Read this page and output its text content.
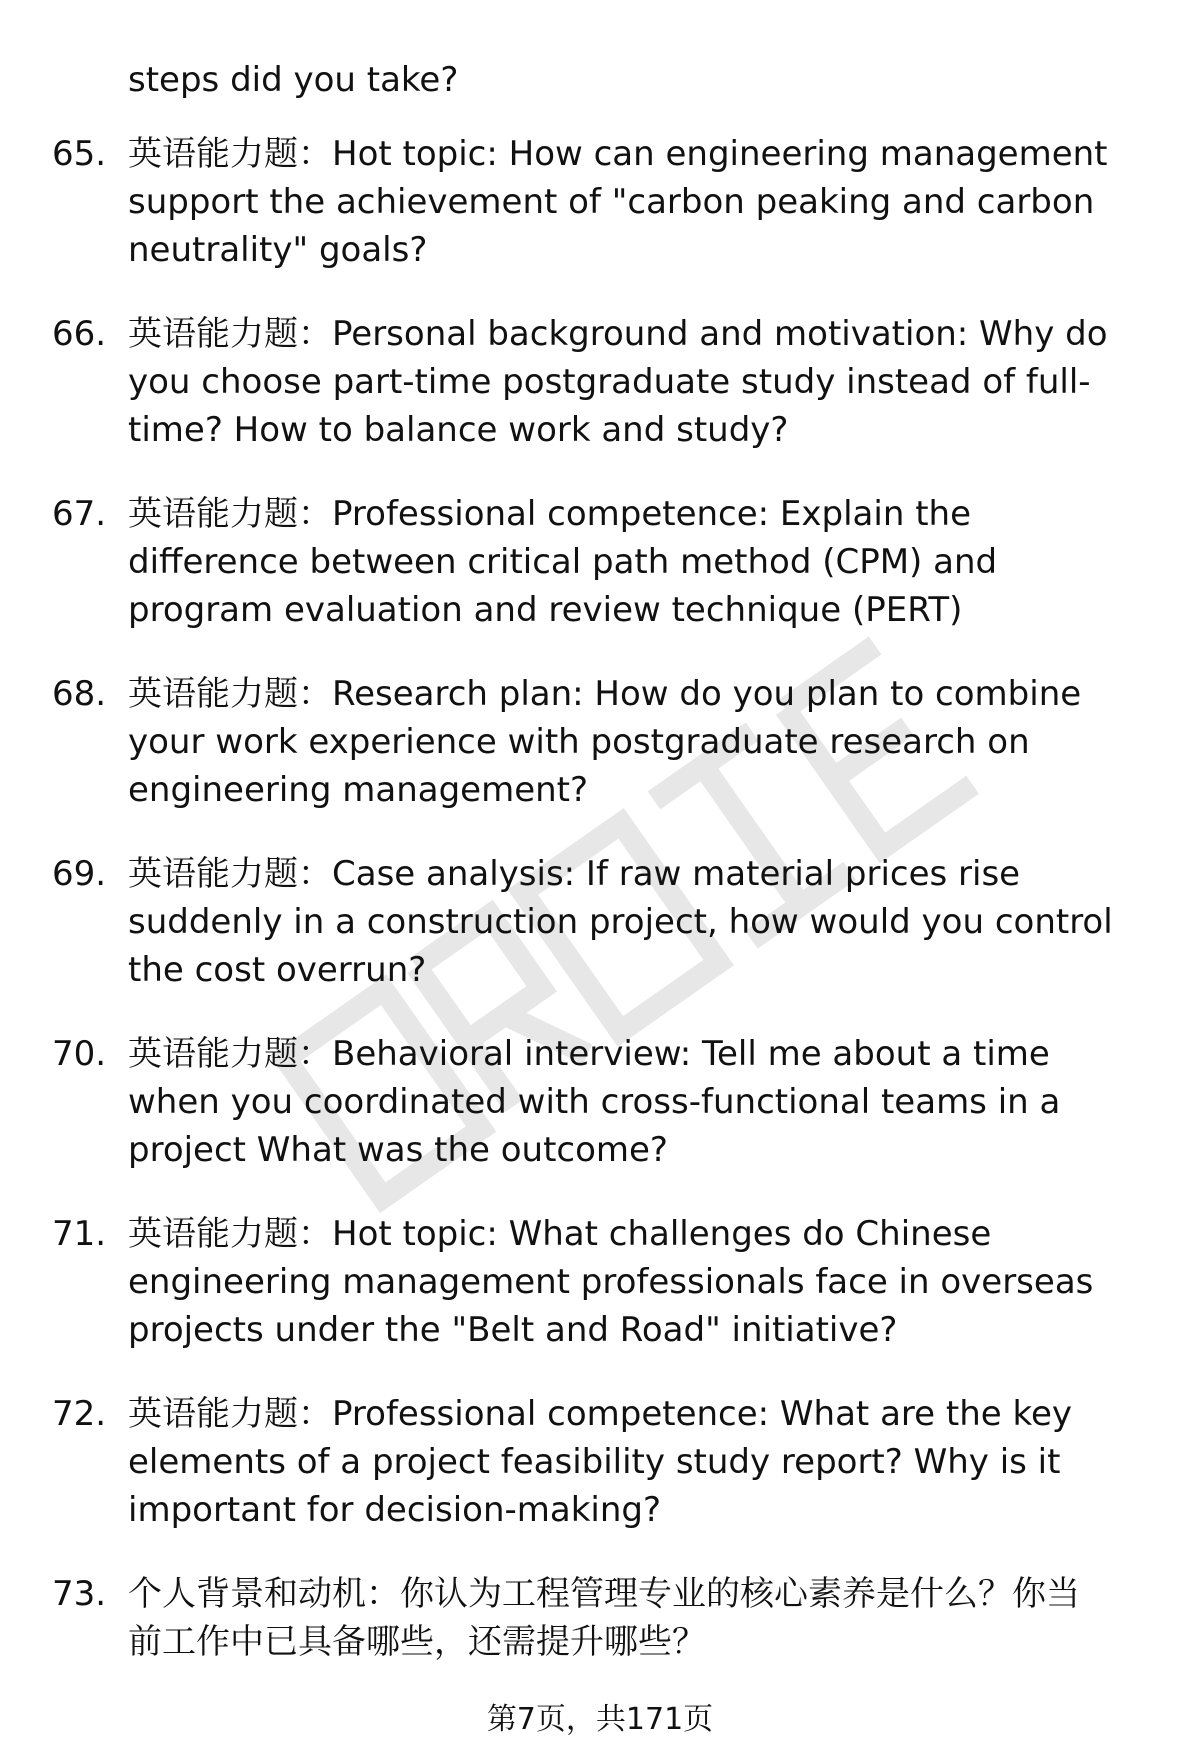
steps did you take?
65. 英语能力题：Hot topic: How can engineering management
support the achievement of "carbon peaking and carbon
neutrality" goals?
66. 英语能力题：Personal background and motivation: Why do
you choose part-time postgraduate study instead of full-
time? How to balance work and study?
67. 英语能力题：Professional competence: Explain the
difference between critical path method (CPM) and
program evaluation and review technique (PERT)
68. 英语能力题：Research plan: How do you plan to combine
your work experience with postgraduate research on
engineering management?
69. 英语能力题：Case analysis: If raw material prices rise
suddenly in a construction project, how would you control
the cost overrun?
70. 英语能力题：Behavioral interview: Tell me about a time
when you coordinated with cross-functional teams in a
project What was the outcome?
71. 英语能力题：Hot topic: What challenges do Chinese
engineering management professionals face in overseas
projects under the "Belt and Road" initiative?
72. 英语能力题：Professional competence: What are the key
elements of a project feasibility study report? Why is it
important for decision-making?
73. 个人背景和动机：你认为工程管理专业的核心素养是什么？你当
前工作中已具备哪些，还需提升哪些？
第7页，共171页
